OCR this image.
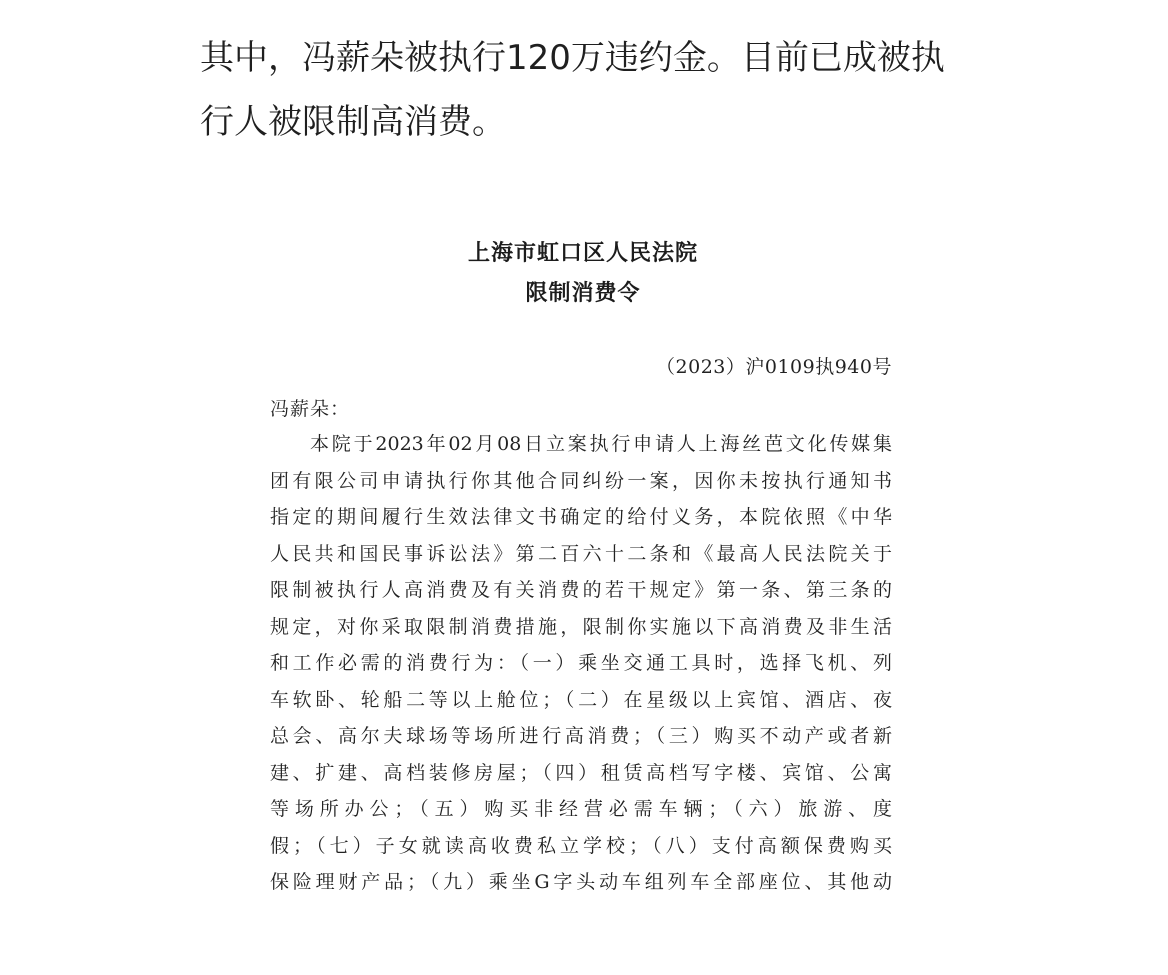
其中，冯薪朵被执行120万违约金。目前已成被执
行人被限制高消费。
上海市虹口区人民法院
限制消费令
（2023）沪0109执940号
冯薪朵：
本院于2023年02月08日立案执行申请人上海丝芭文化传媒集
团有限公司申请执行你其他合同纠纷一案，因你未按执行通知书
指定的期间履行生效法律文书确定的给付义务，本院依照《中华
人民共和国民事诉讼法》第二百六十二条和《最高人民法院关于
限制被执行人高消费及有关消费的若干规定》第一条、第三条的
规定，对你采取限制消费措施，限制你实施以下高消费及非生活
和工作必需的消费行为：（一）乘坐交通工具时，选择飞机、列
车软卧、轮船二等以上舱位；（二）在星级以上宾馆、酒店、夜
总会、高尔夫球场等场所进行高消费；（三）购买不动产或者新
建、扩建、高档装修房屋；（四）租赁高档写字楼、宾馆、公寓
等场所办公；（五）购买非经营必需车辆；（六）旅游、度
假；（七）子女就读高收费私立学校；（八）支付高额保费购买
保险理财产品；（九）乘坐G字头动车组列车全部座位、其他动
